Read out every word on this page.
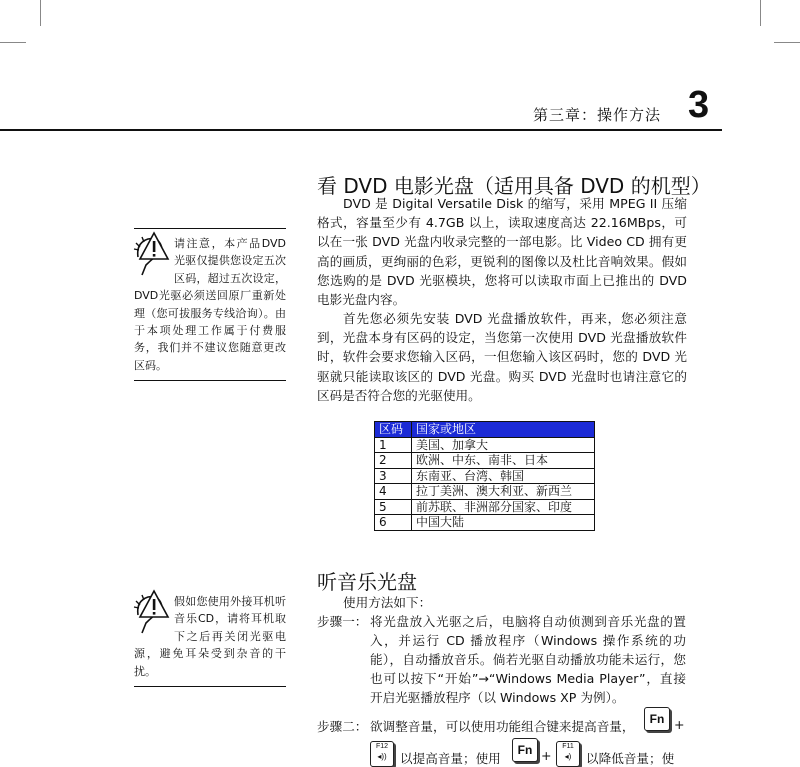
第三章：操作方法 3
看 DVD 电影光盘（适用具备 DVD 的机型）
DVD 是 Digital Versatile Disk 的缩写，采用 MPEG II 压缩格式，容量至少有 4.7GB 以上，读取速度高达 22.16MBps，可以在一张 DVD 光盘内收录完整的一部电影。比 Video CD 拥有更高的画质，更绚丽的色彩，更锐利的图像以及杜比音响效果。假如您选购的是 DVD 光驱模块，您将可以读取市面上已推出的 DVD 电影光盘内容。
首先您必须先安装 DVD 光盘播放软件，再来，您必须注意到，光盘本身有区码的设定，当您第一次使用 DVD 光盘播放软件时，软件会要求您输入区码，一但您输入该区码时，您的 DVD 光驱就只能读取该区的 DVD 光盘。购买 DVD 光盘时也请注意它的区码是否符合您的光驱使用。
请注意，本产品DVD光驱仅提供您设定五次区码，超过五次设定，DVD光驱必须送回原厂重新处理（您可拔服务专线洽询）。由于本项处理工作属于付费服务，我们并不建议您随意更改区码。
区码	国家或地区
1	美国、加拿大
2	欧洲、中东、南非、日本
3	东南亚、台湾、韩国
4	拉丁美洲、澳大利亚、新西兰
5	前苏联、非洲部分国家、印度
6	中国大陆
听音乐光盘
使用方法如下：
步骤一： 将光盘放入光驱之后，电脑将自动侦测到音乐光盘的置入，并运行 CD 播放程序（Windows 操作系统的功能），自动播放音乐。倘若光驱自动播放功能未运行，您也可以按下“开始”→“Windows Media Player”，直接开启光驱播放程序（以 Windows XP 为例）。
步骤二： 欲调整音量，可以使用功能组合键来提高音量，	Fn +
F12
◂))	以提高音量；使用
Fn +
F11
◂)	以降低音量；使
假如您使用外接耳机听音乐CD，请将耳机取下之后再关闭光驱电源，避免耳朵受到杂音的干扰。
